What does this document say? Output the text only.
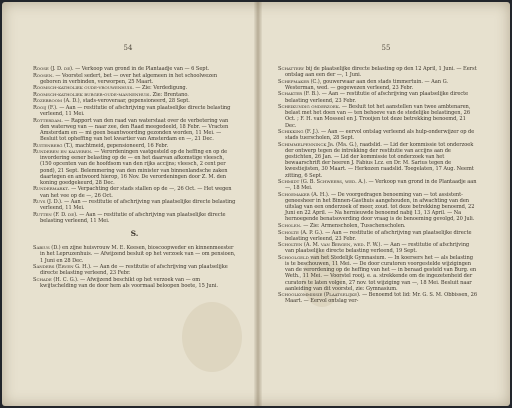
54

Roose (J. D. de). — Verkoop van grond in de Plantaadje van — 6 Sept.

Roosen. — Voorstel sedert, bet — over het algemeen in het schoolwezen geboren in verbinden, verworpen, 25 Maart.

Roomsch-katholiek oude-vrouwenhuis. — Zie: Verdedigung.

Roomsch-katholiek burger-oude-mannenhuis. Zie: Brentano.

Rozebroom (A. D.), stads-veroveraar, gepensioneerd, 28 Sept.

Rooij (F.). — Aan — restitutie of afschrijving van plaatselijke directe belasting verleend, 11 Mei.

Rotterdam. — Rapport van den raad van waterstaat over de verbetering van den waterweg van — naar zee, den Raad meegedeeld, 18 Febr. — Vracten Amsterdam en — mi geen beantwoording gezonden worden, 11 Mei. — Besluit tot opheffing van het kwartier van Amsterdam en —, 21 Dec.

Ruitenberg (T.), machtmeid, gepensioneerd, 16 Febr.

Runderen en kalveren. — Verordeningen vastgesteld op de heffing en op de invordering eener belasting op de — en het daarvan afkomstige vleesch, (150 opcenten van de hoofdsom van den rijks accijns; vleesch, 2 cent per pond), 21 Sept. Belemmering van den minister van binnenlandsche zaken daartegen en antwoord hierop, 16 Nov. De verordeningen door Z. M. den koning goedgekeurd, 28 Dec.

Rundermarkt. — Verpachting der stads stallen op de —, 26 Oct. — Het wegen van het vee op de —, 26 Oct.

Ruys (J. D.). — Aan — restitutie of afschrijving van plaatselijke directe belasting verleend, 11 Mei.

Rutten (F. D. de). — Aan — restitutie of afschrijving van plaatselijke directe belasting verleend, 11 Mei.

S.

Sabius (D.) en zijne huisvrouw M. E. Keesen, bioscoopweder en kinnenmeester in het Lepruzenhuis. — Afwijzend besluit op het verzoek van — om pensioen, 1 Juni en 28 Dec.

Sanders (Erven G. H.). — Aan de — restitutie of afschrijving van plaatselijke directe belasting verleend, 23 Febr.

Schade (H. C. G.). — Afwijzend beschikt op het verzoek van — om kwijtschelding van de door hem als voormaal beloopen boete, 15 Juni.

55

Schattery bij de plaatselijke directe belasting op den 12 April, 1 Juni. — Eerst ontslag aan een der —, 1 Juni.

Schepmaker (C.), gouwerwaar aan den stads timmertuin. — Aan G. Westerman, wed. — gegewezen verleend, 23 Febr.

Schakter (F. B.). — Aan — restitutie of afschrijving van plaatselijke directe belasting verleend, 23 Febr.

Scheikundig onderzoek. — Besluit tot het aanstellen van twee ambtenaren, belast met het doen van — ten behoeve van de stedelijke belastingen, 26 Oct. ; F. H. van Mosseel en J. Trooijen tot deze betrekking benoemd, 21 Dec.

Schikking (F. J.). — Aan — eervol ontslag verleend als hulp-onderwijzer op de stads tuerscholen, 28 Sept.

Schimmelpenninck Jr. (Mr. G.), raadslid. — Lid der kommissie tot onderzoek der ontwerp tegen de intrekking der restitutie van accijns aan de gestichten, 26 Jan. — Lid der kommissie tot onderzoek van het bewaarschrift der heeren J. Fabius Lcz. en Dr. M. Sarius tegen de kwestiejisten, 30 Maart. — Herkozen raadslid. Toegelaten, 17 Aug. Neemt zitting, 6 Sept.

Schmidt (G. B. Schweers, wed. A.). — Verkoop van grond in de Plantaadje aan —, 18 Mei.

Schoemaker (A. H.). — De voorgedragen benoeming van — tot assistent-geneesheer in het Binnen-Gasthuis aangehouden, in afwachting van den uitslag van een onderzoek of meer, zoud. tot deze betrekking benoemd, 22 Juni en 22 April. — Na hernieuwde benoemd nabij 13, 13 April. — Na hernoegende benatsoverding door vraag is de benoeming gevolgd, 20 Juli.

Scholen. — Zie: Armenscholen, Tusschenscholen.

Scholte (A. P. G.). — Aan — restitutie of afschrijving van plaatselijke directe belasting verleend, 23 Febr.

Scholten (A. M. van Bergen, wed. F. W.). — Aan — restitutie of afschrijving van plaatselijke directe belasting verleend, 19 Sept.

Schoolgeld van het Stedelijk Gymnasium. — In koersers het — als belasting is te beschouwen, 11 Mei. — De door curatoren voorgestelde wijzigingen van de verordening op de heffing van het — in beraad gesteld van Burg. en Weth., 11 Mei. — Voorstel rooij. e. a. strekkende om de ingezetenheid der curators te laten volgen, 27 nov. tot wijziging van —, 18 Mei. Besluit naar aanleiding van dit voorstel, zie: Gymnasium.

Schoolkommissie (Plaatselijke). — Benoemd tot lid: Mr. G. S. M. Obbissen, 26 Maart. — Eervol ontslag ver-
